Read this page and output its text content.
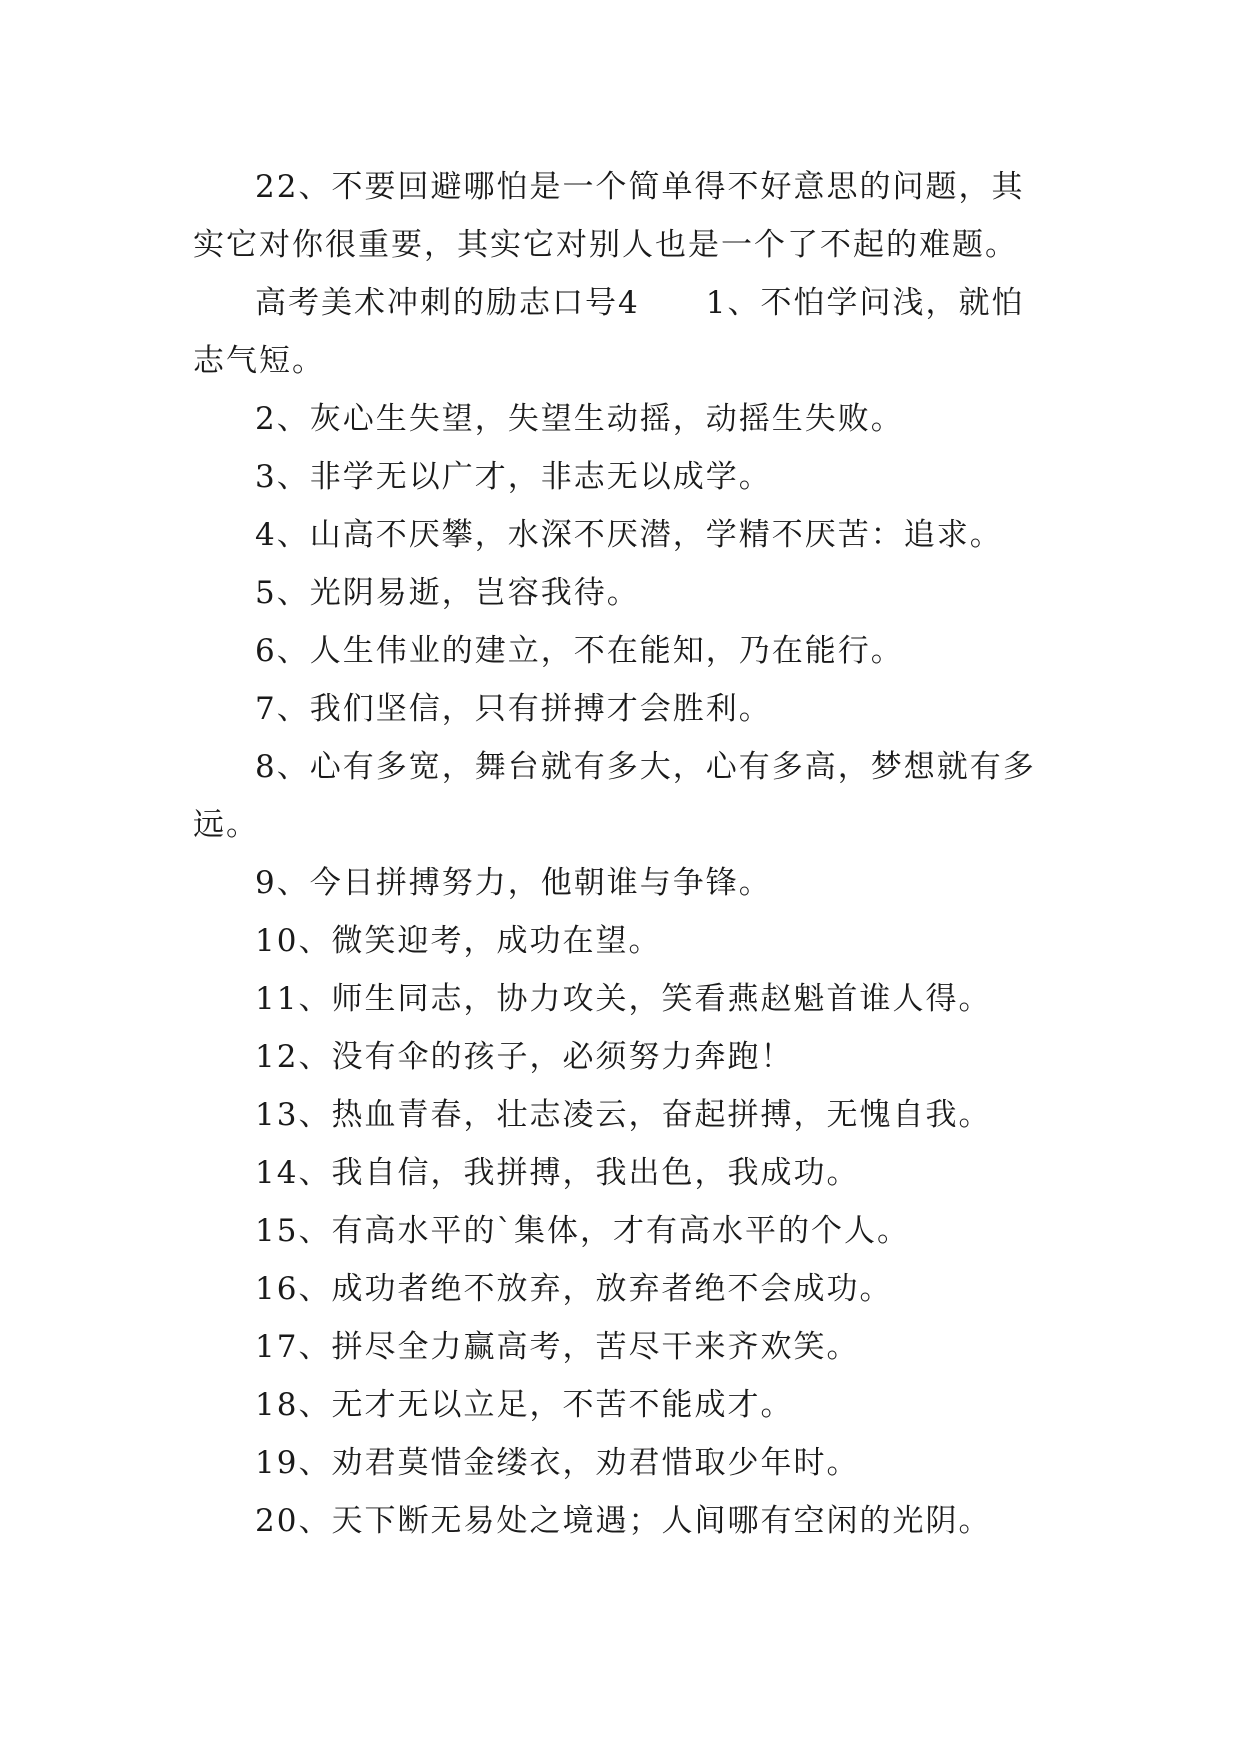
22、不要回避哪怕是一个简单得不好意思的问题，其实它对你很重要，其实它对别人也是一个了不起的难题。

高考美术冲刺的励志口号4　　1、不怕学问浅，就怕志气短。

2、灰心生失望，失望生动摇，动摇生失败。

3、非学无以广才，非志无以成学。

4、山高不厌攀，水深不厌潜，学精不厌苦：追求。

5、光阴易逝，岂容我待。

6、人生伟业的建立，不在能知，乃在能行。

7、我们坚信，只有拼搏才会胜利。

8、心有多宽，舞台就有多大，心有多高，梦想就有多远。

9、今日拼搏努力，他朝谁与争锋。

10、微笑迎考，成功在望。

11、师生同志，协力攻关，笑看燕赵魁首谁人得。

12、没有伞的孩子，必须努力奔跑！

13、热血青春，壮志凌云，奋起拼搏，无愧自我。

14、我自信，我拼搏，我出色，我成功。

15、有高水平的`集体，才有高水平的个人。

16、成功者绝不放弃，放弃者绝不会成功。

17、拼尽全力赢高考，苦尽干来齐欢笑。

18、无才无以立足，不苦不能成才。

19、劝君莫惜金缕衣，劝君惜取少年时。

20、天下断无易处之境遇；人间哪有空闲的光阴。
